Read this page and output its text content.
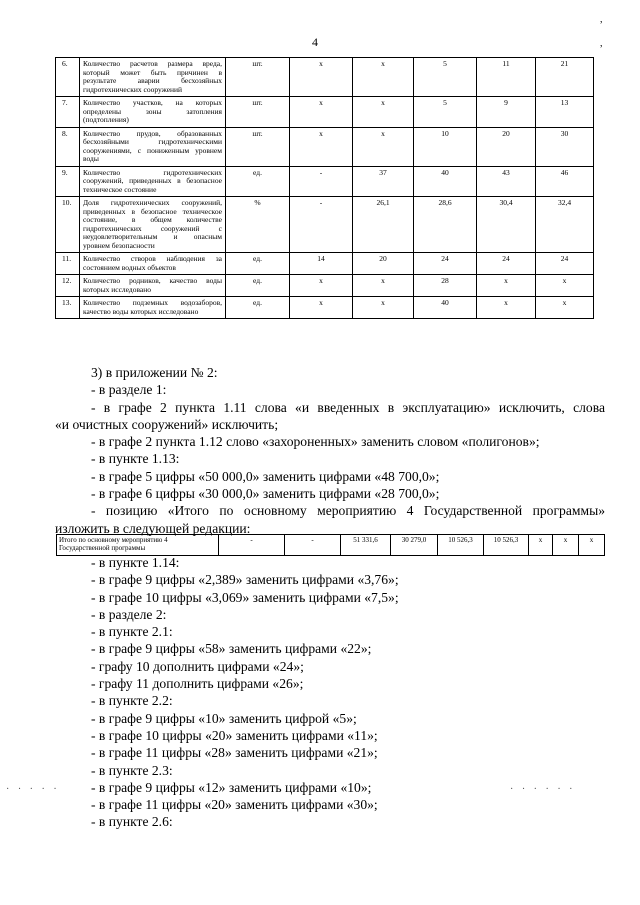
4
,
,
6.	Количество расчетов размера вреда, который может быть причинен в результате аварии бесхозяйных гидротехнических сооружений	шт.	x	x	5	11	21
7.	Количество участков, на которых определены зоны затопления (подтопления)	шт.	x	x	5	9	13
8.	Количество прудов, образованных бесхозяйными гидротехническими сооружениями, с пониженным уровнем воды	шт.	x	x	10	20	30
9.	Количество гидротехнических сооружений, приведенных в безопасное техническое состояние	ед.	-	37	40	43	46
10.	Доля гидротехнических сооружений, приведенных в безопасное техническое состояние, в общем количестве гидротехнических сооружений с неудовлетворительным и опасным уровнем безопасности	%	-	26,1	28,6	30,4	32,4
11.	Количество створов наблюдения за состоянием водных объектов	ед.	14	20	24	24	24
12.	Количество родников, качество воды которых исследовано	ед.	x	x	28	x	x
13.	Количество подземных водозаборов, качество воды которых исследовано	ед.	x	x	40	x	x
3) в приложении № 2:
- в разделе 1:
- в графе 2 пункта 1.11 слова «и введенных в эксплуатацию» исключить, слова
«и очистных сооружений» исключить;
- в графе 2 пункта 1.12 слово «захороненных» заменить словом «полигонов»;
- в пункте 1.13:
- в графе 5 цифры «50 000,0» заменить цифрами «48 700,0»;
- в графе 6 цифры «30 000,0» заменить цифрами «28 700,0»;
- позицию «Итого по основному мероприятию 4 Государственной программы»
изложить в следующей редакции:
Итого по основному мероприятию 4 Государственной программы	-	-	51 331,6	30 279,0	10 526,3	10 526,3	x	x	x
- в пункте 1.14:
- в графе 9 цифры «2,389» заменить цифрами «3,76»;
- в графе 10 цифры «3,069» заменить цифрами «7,5»;
- в разделе 2:
- в пункте 2.1:
- в графе 9 цифры «58» заменить цифрами «22»;
- графу 10 дополнить цифрами «24»;
- графу 11 дополнить цифрами «26»;
- в пункте 2.2:
- в графе 9 цифры «10» заменить цифрой «5»;
- в графе 10 цифры «20» заменить цифрами «11»;
- в графе 11 цифры «28» заменить цифрами «21»;
- в пункте 2.3:
- в графе 9 цифры «12» заменить цифрами «10»;
- в графе 11 цифры «20» заменить цифрами «30»;
- в пункте 2.6:
· · · · ·	· · · · · ·
